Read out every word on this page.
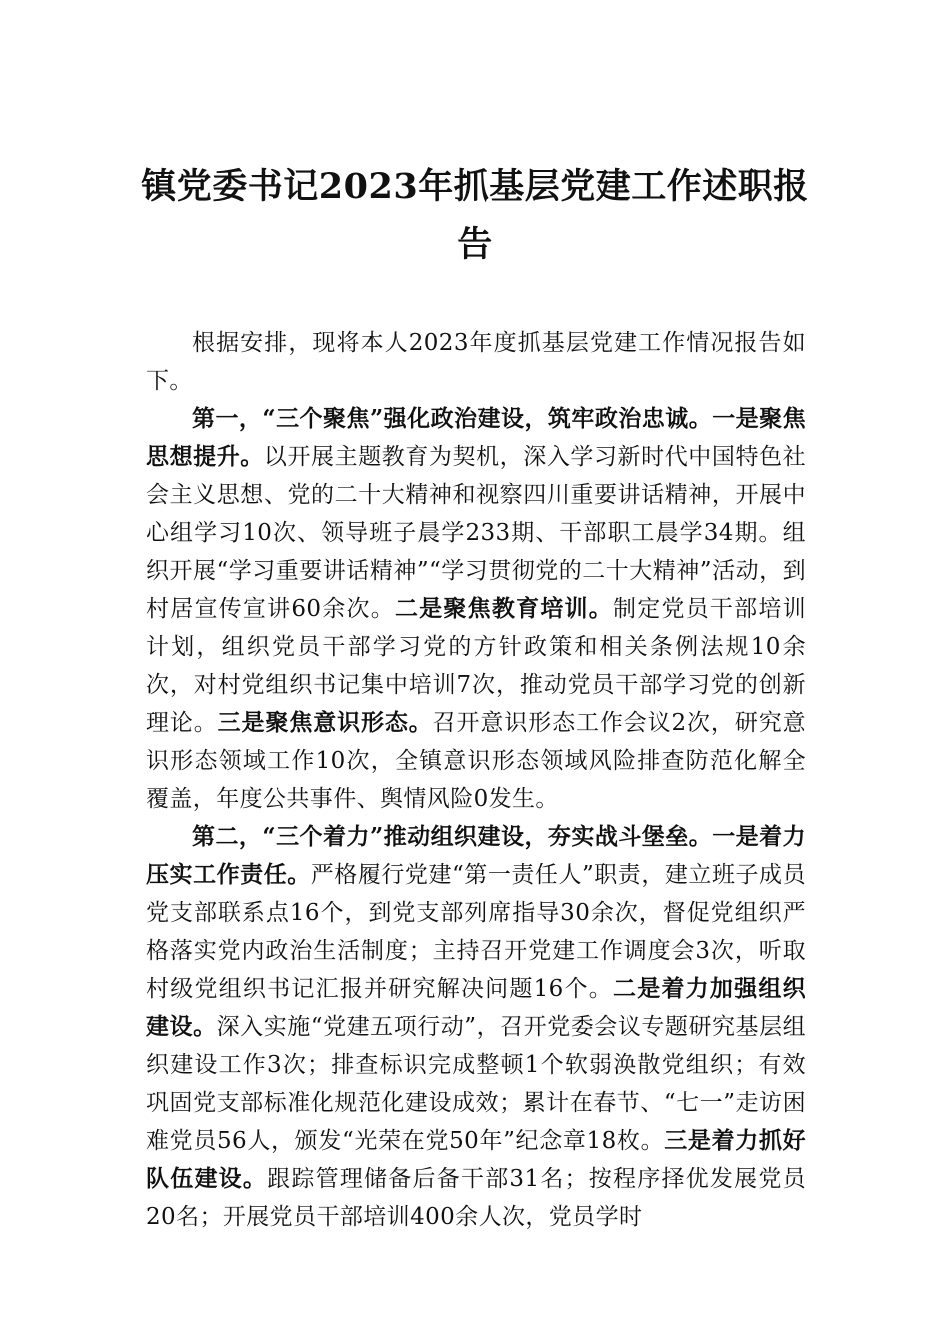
镇党委书记2023年抓基层党建工作述职报告

根据安排，现将本人2023年度抓基层党建工作情况报告如下。

第一，“三个聚焦”强化政治建设，筑牢政治忠诚。一是聚焦思想提升。以开展主题教育为契机，深入学习新时代中国特色社会主义思想、党的二十大精神和视察四川重要讲话精神，开展中心组学习10次、领导班子晨学233期、干部职工晨学34期。组织开展“学习重要讲话精神”“学习贯彻党的二十大精神”活动，到村居宣传宣讲60余次。二是聚焦教育培训。制定党员干部培训计划，组织党员干部学习党的方针政策和相关条例法规10余次，对村党组织书记集中培训7次，推动党员干部学习党的创新理论。三是聚焦意识形态。召开意识形态工作会议2次，研究意识形态领域工作10次，全镇意识形态领域风险排查防范化解全覆盖，年度公共事件、舆情风险0发生。

第二，“三个着力”推动组织建设，夯实战斗堡垒。一是着力压实工作责任。严格履行党建“第一责任人”职责，建立班子成员党支部联系点16个，到党支部列席指导30余次，督促党组织严格落实党内政治生活制度；主持召开党建工作调度会3次，听取村级党组织书记汇报并研究解决问题16个。二是着力加强组织建设。深入实施“党建五项行动”，召开党委会议专题研究基层组织建设工作3次；排查标识完成整顿1个软弱涣散党组织；有效巩固党支部标准化规范化建设成效；累计在春节、“七一”走访困难党员56人，颁发“光荣在党50年”纪念章18枚。三是着力抓好队伍建设。跟踪管理储备后备干部31名；按程序择优发展党员20名；开展党员干部培训400余人次，党员学时
